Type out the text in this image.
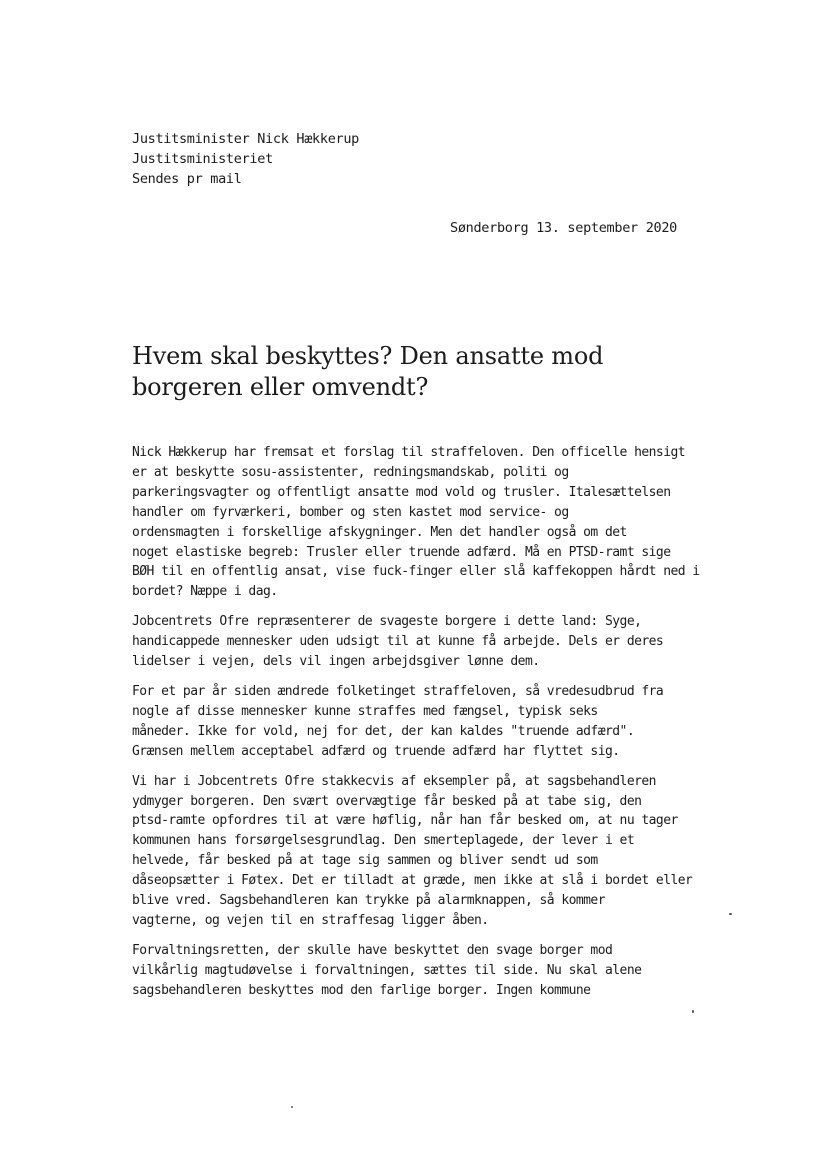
Justitsminister Nick Hækkerup
Justitsministeriet
Sendes pr mail
Sønderborg 13. september 2020
Hvem skal beskyttes? Den ansatte mod
borgeren eller omvendt?

Nick Hækkerup har fremsat et forslag til straffeloven. Den officelle hensigt
er at beskytte sosu-assistenter, redningsmandskab, politi og
parkeringsvagter og offentligt ansatte mod vold og trusler. Italesættelsen
handler om fyrværkeri, bomber og sten kastet mod service- og
ordensmagten i forskellige afskygninger. Men det handler også om det
noget elastiske begreb: Trusler eller truende adfærd. Må en PTSD-ramt sige
BØH til en offentlig ansat, vise fuck-finger eller slå kaffekoppen hårdt ned i
bordet? Næppe i dag.

Jobcentrets Ofre repræsenterer de svageste borgere i dette land: Syge,
handicappede mennesker uden udsigt til at kunne få arbejde. Dels er deres
lidelser i vejen, dels vil ingen arbejdsgiver lønne dem.

For et par år siden ændrede folketinget straffeloven, så vredesudbrud fra
nogle af disse mennesker kunne straffes med fængsel, typisk seks
måneder. Ikke for vold, nej for det, der kan kaldes "truende adfærd".
Grænsen mellem acceptabel adfærd og truende adfærd har flyttet sig.

Vi har i Jobcentrets Ofre stakkecvis af eksempler på, at sagsbehandleren
ydmyger borgeren. Den svært overvægtige får besked på at tabe sig, den
ptsd-ramte opfordres til at være høflig, når han får besked om, at nu tager
kommunen hans forsørgelsesgrundlag. Den smerteplagede, der lever i et
helvede, får besked på at tage sig sammen og bliver sendt ud som
dåseopsætter i Føtex. Det er tilladt at græde, men ikke at slå i bordet eller
blive vred. Sagsbehandleren kan trykke på alarmknappen, så kommer
vagterne, og vejen til en straffesag ligger åben.

Forvaltningsretten, der skulle have beskyttet den svage borger mod
vilkårlig magtudøvelse i forvaltningen, sættes til side. Nu skal alene
sagsbehandleren beskyttes mod den farlige borger. Ingen kommune
